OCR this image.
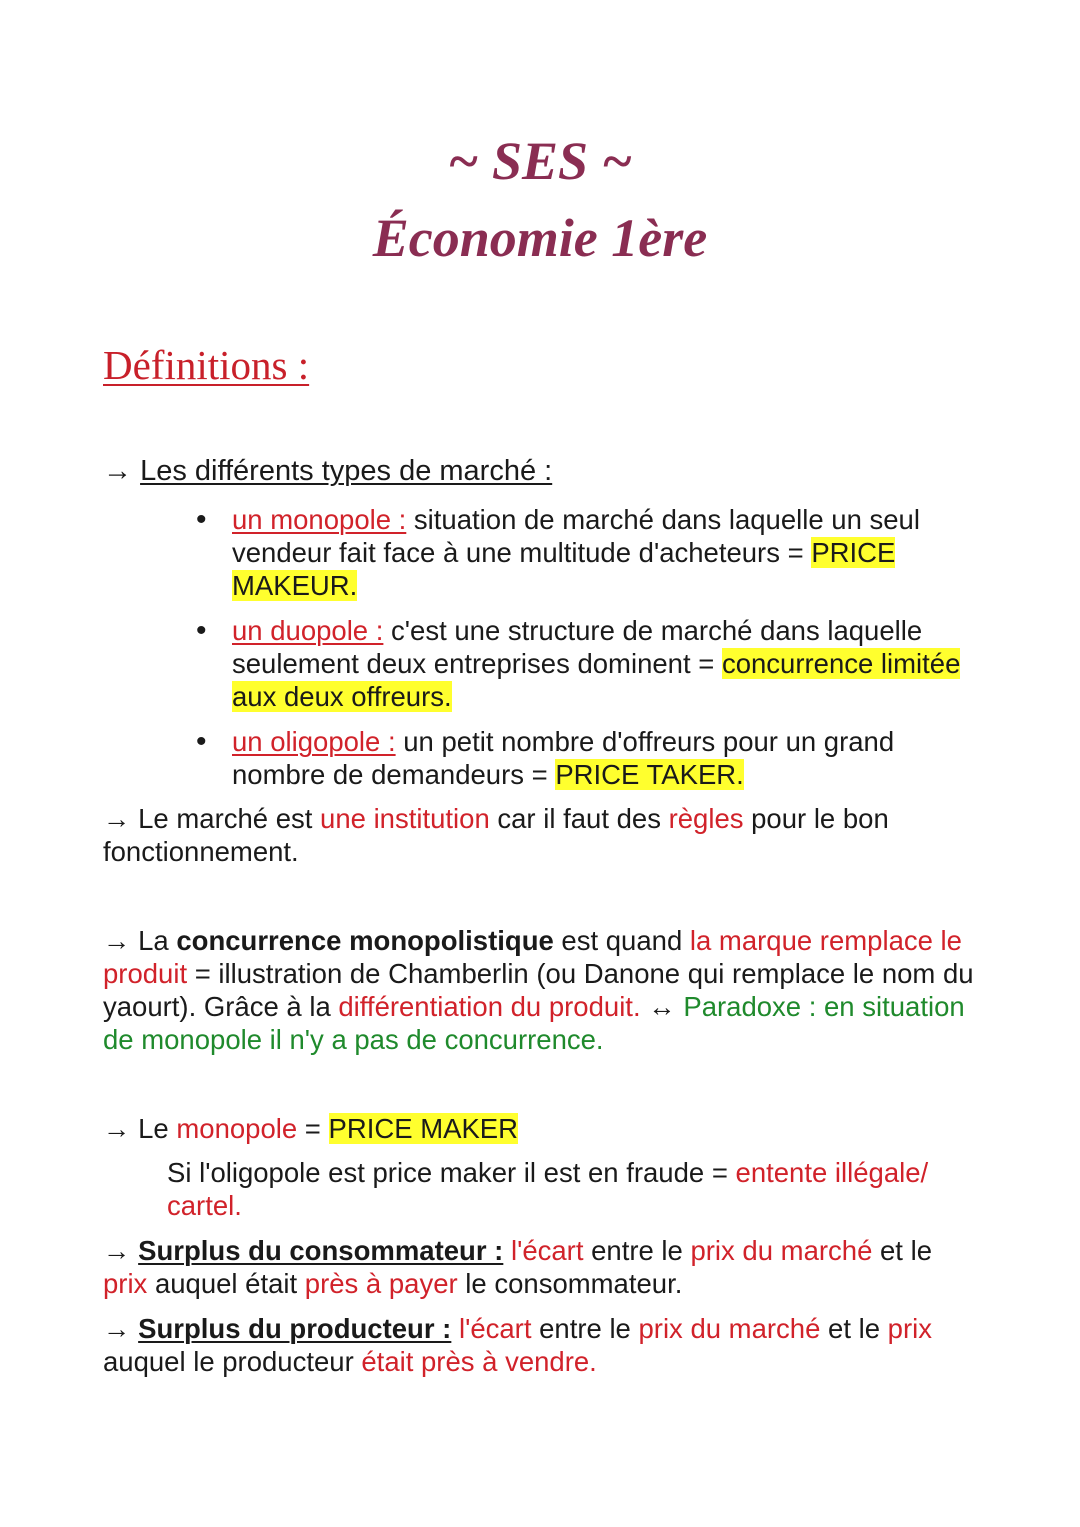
~ SES ~
Économie 1ère
Définitions :

→ Les différents types de marché :

• un monopole : situation de marché dans laquelle un seul vendeur fait face à une multitude d'acheteurs = PRICE MAKEUR.

• un duopole : c'est une structure de marché dans laquelle seulement deux entreprises dominent = concurrence limitée aux deux offreurs.

• un oligopole : un petit nombre d'offreurs pour un grand nombre de demandeurs = PRICE TAKER.

→ Le marché est une institution car il faut des règles pour le bon fonctionnement.

→ La concurrence monopolistique est quand la marque remplace le produit = illustration de Chamberlin (ou Danone qui remplace le nom du yaourt). Grâce à la différentiation du produit. ↔ Paradoxe : en situation de monopole il n'y a pas de concurrence.

→ Le monopole = PRICE MAKER

Si l'oligopole est price maker il est en fraude = entente illégale/ cartel.

→ Surplus du consommateur : l'écart entre le prix du marché et le prix auquel était près à payer le consommateur.

→ Surplus du producteur : l'écart entre le prix du marché et le prix auquel le producteur était près à vendre.
